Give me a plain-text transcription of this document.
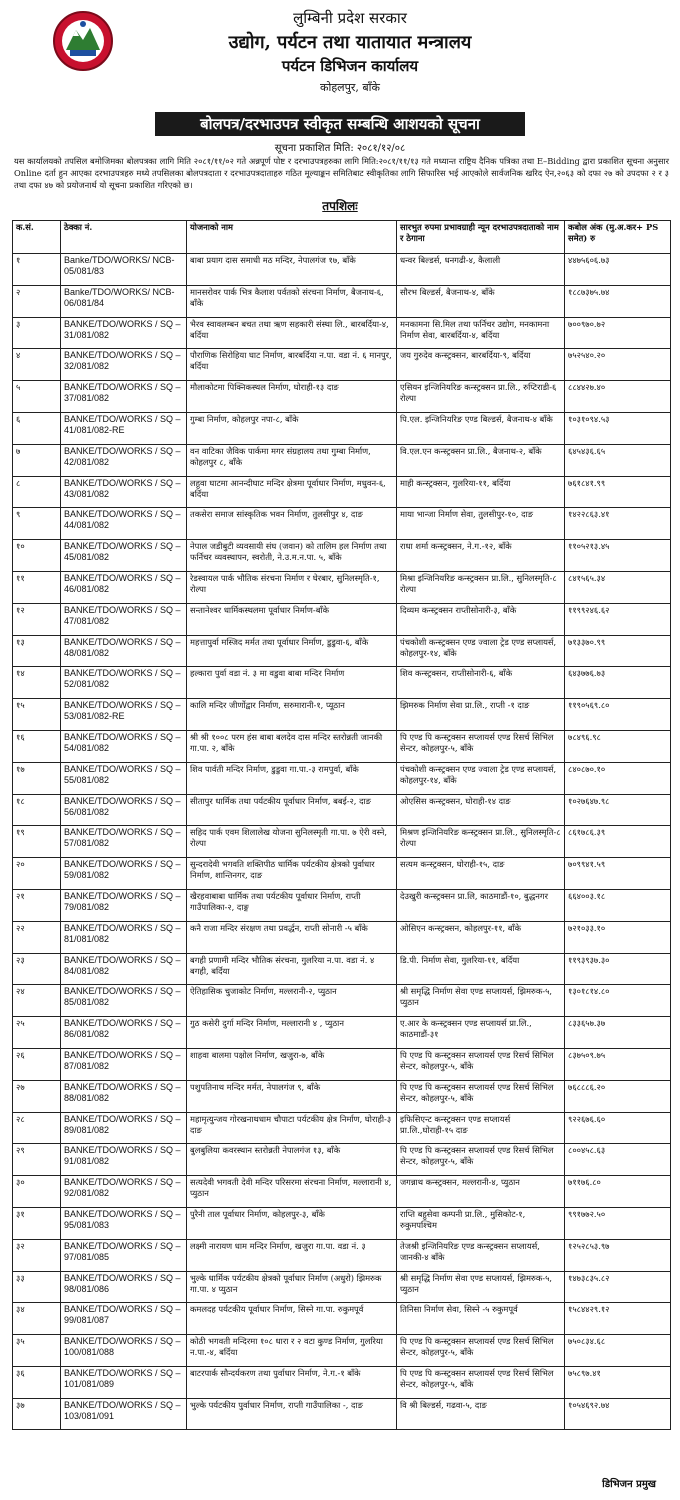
लुम्बिनी प्रदेश सरकार
उद्योग, पर्यटन तथा यातायात मन्त्रालय
पर्यटन डिभिजन कार्यालय
कोहलपुर, बाँके
बोलपत्र/दरभाउपत्र स्वीकृत सम्बन्धि आशयको सूचना
सूचना प्रकाशित मिति: २०८१/१२/०८
यस कार्यालयको तपसिल बमोजिमका बोलपत्रका लागि मिति २०८१/११/०२ गते अन्नपूर्ण पोष्ट र दरभाउपत्रहरुका लागि मिति:२०८१/११/१३ गते मध्यान्त राष्ट्रिय दैनिक पत्रिका तथा E–Bidding द्वारा प्रकाशित सूचना अनुसार Online दर्ता हुन आएका दरभाउपत्रहरु मध्ये तपसिलका बोलपत्रदाता र दरभाउपत्रदाताहरु गठित मूल्याङ्कन समितिबाट स्वीकृतिका लागि सिफारिस भई आएकोले सार्वजनिक खरिद ऐन,२०६३ को दफा २७ को उपदफा २ र ३ तथा दफा ४७ को प्रयोजनार्थ यो सूचना प्रकाशित गरिएको छ।
तपशिलः
क.सं.	ठेक्का नं.	योजनाको नाम	सारभुत रुपमा प्रभावग्राही न्यून दरभाउपत्रदाताको नाम र ठेगाना	कबोल अंक (मु.अ.कर+ PS समेत) रु
१	Banke/TDO/WORKS/ NCB-05/081/83	बाबा प्रयाग दास समाधी मठ मन्दिर, नेपालगंज १७, बाँके	धन्वर बिल्डर्स, धनगढी-४, कैलाली	४४७५६०६.७३
२	Banke/TDO/WORKS/ NCB-06/081/84	मानसरोवर पार्क भित्र कैलाश पर्वतको संरचना निर्माण, बैजनाथ-६, बाँके	सौरभ बिल्डर्स, बैजनाथ-४, बाँके	१८८७३७५.७४
३	BANKE/TDO/WORKS / SQ – 31/081/082	भैरव स्वावलम्बन बचत तथा ऋण सहकारी संस्था लि., बारबर्दिया-४, बर्दिया	मनकामना सि.मिल तथा फर्निचर उद्योग, मनकामना निर्माण सेवा, बारबर्दिया-४, बर्दिया	७००९७०.७२
४	BANKE/TDO/WORKS / SQ – 32/081/082	पौराणिक सिरोहिया घाट निर्माण, बारबर्दिया न.पा. वडा नं. ६ मानपुर, बर्दिया	जय गुरुदेव कन्स्ट्रक्सन, बारबर्दिया-९, बर्दिया	७५२५४०.२०
५	BANKE/TDO/WORKS / SQ – 37/081/082	मौलाकोटमा पिक्निकस्थल निर्माण, घोराही-१३ दाङ	एसियन इन्जिनियरिङ कन्स्ट्रक्सन प्रा.लि., रुप्टिराडी-६ रोल्पा	८८४४२७.४०
६	BANKE/TDO/WORKS / SQ – 41/081/082-RE	गुम्बा निर्माण, कोहलपुर नपा-८, बाँके	पि.एल. इन्जिनियरिङ एण्ड बिल्डर्स, बैजनाथ-४ बाँके	१०३१०९४.५३
७	BANKE/TDO/WORKS / SQ – 42/081/082	वन वाटिका जैविक पार्कमा मगर संग्रहालय तथा गुम्बा निर्माण, कोहलपुर ८, बाँके	वि.एल.एन कन्स्ट्रक्सन प्रा.लि., बैजनाथ-२, बाँके	६४५४३६.६५
८	BANKE/TDO/WORKS / SQ – 43/081/082	लहुवा घाटमा आनन्दीघाट मन्दिर क्षेत्रमा पूर्वाधार निर्माण, मधुवन-६, बर्दिया	माही कन्स्ट्रक्सन, गुलरिया-११, बर्दिया	७६१८४१.९९
९	BANKE/TDO/WORKS / SQ – 44/081/082	तकसेरा समाज सांस्कृतिक भवन निर्माण, तुलसीपुर ४, दाङ	माया भान्जा निर्माण सेवा, तुलसीपुर-१०, दाङ	१४२२८६३.४१
१०	BANKE/TDO/WORKS / SQ – 45/081/082	नेपाल जडीबुटी व्यवसायी संघ (जवान) को तालिम हल निर्माण तथा फर्निचर व्यवस्थापन, स्वरोती, ने.उ.म.न.पा. ५, बाँके	राधा शर्मा कन्स्ट्रक्सन, ने.ग.-१२, बाँके	११०५२१३.४५
११	BANKE/TDO/WORKS / SQ – 46/081/082	रेडस्वायल पार्क भौतिक संरचना निर्माण र घेरबार, सुनिलस्मृति-१, रोल्पा	मिश्रा इन्जिनियरिङ कन्स्ट्रक्सन प्रा.लि., सुनिलस्मृति-८ रोल्पा	८४१५६५.३४
१२	BANKE/TDO/WORKS / SQ – 47/081/082	सन्तानेश्वर धार्मिकस्थलमा पूर्वाधार निर्माण-बाँके	दिव्यम कन्स्ट्रक्सन राप्तीसोनारी-३, बाँके	११९९२४६.६२
१३	BANKE/TDO/WORKS / SQ – 48/081/082	महत्तापुर्वा मस्जिद मर्मत तथा पूर्वाधार निर्माण, डुडुवा-६, बाँके	पंचकोशी कन्स्ट्रक्सन एण्ड ज्वाला ट्रेड एण्ड सप्लायर्स, कोहलपुर-१४, बाँके	७१३३७०.९९
१४	BANKE/TDO/WORKS / SQ – 52/081/082	हल्कारा पुर्वा वडा नं. ३ मा वडुवा बाबा मन्दिर निर्माण	शिव कन्स्ट्रक्सन, राप्तीसोनारी-६, बाँके	६४३७७६.७३
१५	BANKE/TDO/WORKS / SQ – 53/081/082-RE	कालि मन्दिर जीर्णोद्वार निर्माण, सरुमारानी-१, प्यूठान	झिमरुक निर्माण सेवा प्रा.लि., राप्ती -१ दाङ	११९०५६९.८०
१६	BANKE/TDO/WORKS / SQ – 54/081/082	श्री श्री १००८ परम हंस बाबा बलदेव दास मन्दिर स्तरोन्नती जानकी गा.पा. २, बाँके	पि एण्ड पि कन्स्ट्रक्सन सप्लायर्स एण्ड रिसर्च सिभिल सेन्टर, कोहलपुर-५, बाँके	७८४९६.९८
१७	BANKE/TDO/WORKS / SQ – 55/081/082	शिव पार्वती मन्दिर निर्माण, डुडुवा गा.पा.-३ रामपुर्वा, बाँके	पंचकोशी कन्स्ट्रक्सन एण्ड ज्वाला ट्रेड एण्ड सप्लायर्स, कोहलपुर-१४, बाँके	८४०८७०.१०
१८	BANKE/TDO/WORKS / SQ – 56/081/082	सीतापुर धार्मिक तथा पर्यटकीय पूर्वाधार निर्माण, बबई-२, दाङ	ओएसिस कन्स्ट्रक्सन, घोराही-१४ दाङ	१०२७६४७.९८
१९	BANKE/TDO/WORKS / SQ – 57/081/082	सहिद पार्क एवम शिलालेख योजना सुनिलस्मृती गा.पा. ७ ऐरी वस्ने, रोल्पा	मिश्रण इन्जिनियरिङ कन्स्ट्रक्सन प्रा.लि., सुनिलस्मृति-८ रोल्पा	८६१७८६.३९
२०	BANKE/TDO/WORKS / SQ – 59/081/082	सुन्दरादेवी भगवति शक्तिपीठ धार्मिक पर्यटकीय क्षेत्रको पुर्वाधार निर्माण, शान्तिनगर, दाङ	सत्यम कन्स्ट्रक्सन, घोराही-१५, दाङ	७०९९४१.५९
२१	BANKE/TDO/WORKS / SQ – 79/081/082	खैरहवाबाबा धार्मिक तथा पर्यटकीय पूर्वाधार निर्माण, राप्ती गाउँपालिका-२, दाङ्ग	देउखुरी कन्स्ट्रक्सन प्रा.लि, काठमाडौं-१०, बुद्धनगर	६६४००३.१८
२२	BANKE/TDO/WORKS / SQ – 81/081/082	कनै राजा मन्दिर संरक्षण तथा प्रवर्द्धन, राप्ती सोनारी -५ बाँके	ओसिएन कन्स्ट्रक्सन, कोहलपुर-११, बाँके	७२१०३३.१०
२३	BANKE/TDO/WORKS / SQ – 84/081/082	बगही प्रणामी मन्दिर भौतिक संरचना, गुलरिया न.पा. वडा नं. ४ बगही, बर्दिया	डि.पी. निर्माण सेवा, गुलरिया-११, बर्दिया	११९३९३७.३०
२४	BANKE/TDO/WORKS / SQ – 85/081/082	ऐतिहासिक चुजाकोट निर्माण, मल्लरानी-२, प्युठान	श्री समृद्धि निर्माण सेवा एण्ड सप्लायर्स, झिमरुक-५, प्युठान	१३०१८१४.८०
२५	BANKE/TDO/WORKS / SQ – 86/081/082	गुठ कसेरी दुर्गा मन्दिर निर्माण, मल्लारानी ४ , प्युठान	ए.आर के कन्स्ट्रक्सन एण्ड सप्लायर्स प्रा.लि., काठमाडौं-३१	८३३६५७.३७
२६	BANKE/TDO/WORKS / SQ – 87/081/082	शाहवा बालमा पक्षोल निर्माण, खजुरा-७, बाँके	पि एण्ड पि कन्स्ट्रक्सन सप्लायर्स एण्ड रिसर्च सिभिल सेन्टर, कोहलपुर-५, बाँके	८३७५०९.७५
२७	BANKE/TDO/WORKS / SQ – 88/081/082	पशुपतिनाथ मन्दिर मर्मत, नेपालगंज ९, बाँके	पि एण्ड पि कन्स्ट्रक्सन सप्लायर्स एण्ड रिसर्च सिभिल सेन्टर, कोहलपुर-५, बाँके	७६८८८६.२०
२८	BANKE/TDO/WORKS / SQ – 89/081/082	महामृत्युन्जय गोरखनाथधाम चौपाटा पर्यटकीय क्षेत्र निर्माण, घोराही-३ दाङ	इफिसिएन्ट कन्स्ट्रक्सन एण्ड सप्लायर्स प्रा.लि.,घोराही-१५ दाङ	९२२६७६.६०
२९	BANKE/TDO/WORKS / SQ – 91/081/082	बुलबुलिया कवरस्थान स्तरोन्नती नेपालगंज १३, बाँके	पि एण्ड पि कन्स्ट्रक्सन सप्लायर्स एण्ड रिसर्च सिभिल सेन्टर, कोहलपुर-५, बाँके	८००४५८.६३
३०	BANKE/TDO/WORKS / SQ – 92/081/082	सत्यदेवी भगवती देवी मन्दिर परिसरमा संरचना निर्माण, मल्लारानी ४, प्युठान	जगन्नाथ कन्स्ट्रक्सन, मल्लरानी-४, प्युठान	७११७६.८०
३१	BANKE/TDO/WORKS / SQ – 95/081/083	पुरैनी ताल पूर्वाधार निर्माण, कोहलपुर-३, बाँके	राप्ति बहुसेवा कम्पनी प्रा.लि., मुसिकोट-१, रुकुमपश्चिम	९९१७७२.५०
३२	BANKE/TDO/WORKS / SQ – 97/081/085	लक्ष्मी नारायण धाम मन्दिर निर्माण, खजुरा गा.पा. वडा नं. ३	तेजश्री इन्जिनियरिङ एण्ड कन्स्ट्रक्सन सप्लायर्स, जानकी-४ बाँके	१२५२८५३.९७
३३	BANKE/TDO/WORKS / SQ – 98/081/086	भुल्के धार्मिक पर्यटकीय क्षेत्रको पूर्वाधार निर्माण (अधुरो) झिमरुक गा.पा. ४ प्युठान	श्री समृद्धि निर्माण सेवा एण्ड सप्लायर्स, झिमरुक-५, प्युठान	१४७३८३५.८२
३४	BANKE/TDO/WORKS / SQ – 99/081/087	कमलदह पर्यटकीय पूर्वाधार निर्माण, सिस्ने गा.पा. रुकुमपूर्व	तिनिसा निर्माण सेवा, सिस्ने -५ रुकुमपूर्व	१५८४४२९.१२
३५	BANKE/TDO/WORKS / SQ – 100/081/088	कोठी भगवती मन्दिरमा १०८ धारा र २ वटा कुण्ड निर्माण, गुलरिया न.पा.-४, बर्दिया	पि एण्ड पि कन्स्ट्रक्सन सप्लायर्स एण्ड रिसर्च सिभिल सेन्टर, कोहलपुर-५, बाँके	७५०८३४.६८
३६	BANKE/TDO/WORKS / SQ – 101/081/089	बाटरपार्क सौन्दर्यकरण तथा पुर्वाधार निर्माण, ने.ग.-१ बाँके	पि एण्ड पि कन्स्ट्रक्सन सप्लायर्स एण्ड रिसर्च सिभिल सेन्टर, कोहलपुर-५, बाँके	७५८९७.४१
३७	BANKE/TDO/WORKS / SQ – 103/081/091	भुल्के पर्यटकीय पुर्वाधार निर्माण, राप्ती गाउँपालिका -, दाङ	वि श्री बिल्डर्स, गढवा-५, दाङ	१०५४६९२.७४
डिभिजन प्रमुख
